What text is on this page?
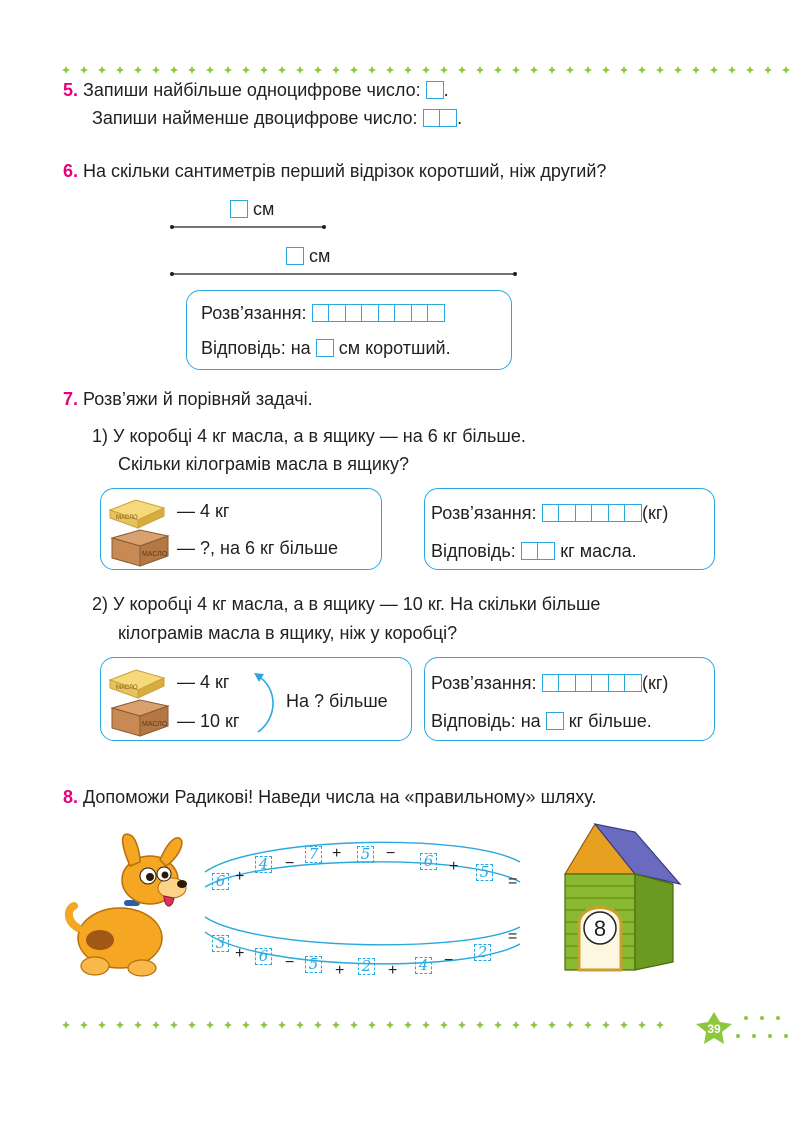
5. Запиши найбільше одноцифрове число: .
Запиши найменше двоцифрове число: .
6. На скільки сантиметрів перший відрізок коротший, ніж другий?
см
см
Розв’язання:
Відповідь: на см коротший.
7. Розв’яжи й порівняй задачі.
1) У коробці 4 кг масла, а в ящику — на 6 кг більше.
Скільки кілограмів масла в ящику?
МАСЛО
МАСЛО
— 4 кг
— ?, на 6 кг більше
Розв’язання:	(кг)
Відповідь: кг масла.
2) У коробці 4 кг масла, а в ящику — 10 кг. На скільки більше
кілограмів масла в ящику, ніж у коробці?
МАСЛО
МАСЛО
— 4 кг
— 10 кг
На ? більше
Розв’язання:	(кг)
Відповідь: на кг більше.
8. Допоможи Радикові! Наведи числа на «правильному» шляху.
6 +
4 −
7 + 5 − 6 + 5
3
+ 6 − 5 + 2 + 4 − 2
=
=	8
39
